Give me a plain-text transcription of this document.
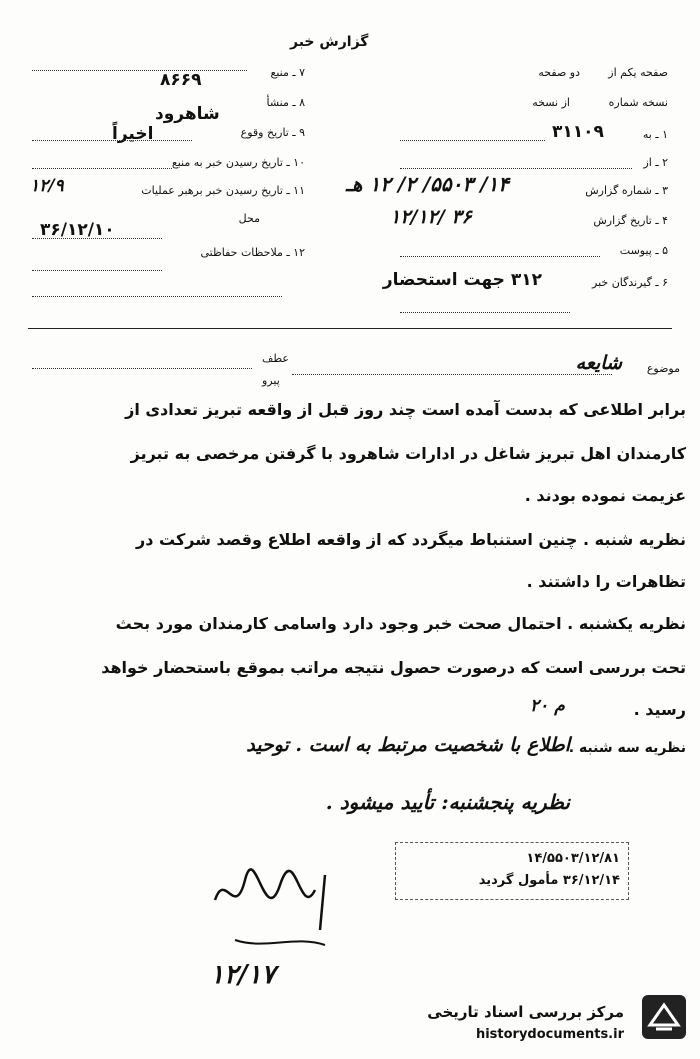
گزارش خبر
صفحه یکم از
دو صفحه
نسخه شماره
از نسخه
۱ ـ به
۳۱۱۰۹
۲ ـ از
۳ ـ شماره گزارش
۱۴/ ۵۵۰۳/ ۲/ ۱۲ هـ
۴ ـ تاریخ گزارش
۱۲/۱۲/ ۳۶
۵ ـ پیوست
۶ ـ گیرندگان خبر
۳۱۲ جهت استحضار
۷ ـ منبع
۸۶۶۹
۸ ـ منشأ
شاهرود
۹ ـ تاریخ وقوع
اخیراً
۱۰ ـ تاریخ رسیدن خبر به منبع
۱۱ ـ تاریخ رسیدن خبر برهبر عملیات
۱۲/۹
محل
۳۶/۱۲/۱۰
۱۲ ـ ملاحظات حفاظتی
عطف
پیرو
موضوع
شایعه
برابر اطلاعی که بدست آمده است چند روز قبل از واقعه تبریز تعدادی از
کارمندان اهل تبریز شاغل در ادارات شاهرود با گرفتن مرخصی به تبریز
عزیمت نموده بودند .
نظریه شنبه . چنین استنباط میگردد که از واقعه اطلاع وقصد شرکت در
تظاهرات را داشتند .
نظریه یکشنبه . احتمال صحت خبر وجود دارد واسامی کارمندان مورد بحث
تحت بررسی است که درصورت حصول نتیجه مراتب بموقع باستحضار خواهد
رسید .
۲۰ م
نظریه سه شنبه .
اطلاع با شخصیت مرتبط به است . توحید
نظریه پنجشنبه: تأیید میشود .
۱۴/۵۵۰۳/۱۲/۸۱
۳۶/۱۲/۱۴ مأمول گردید
۱۲/۱۷
مرکز بررسی اسناد تاریخی
historydocuments.ir
